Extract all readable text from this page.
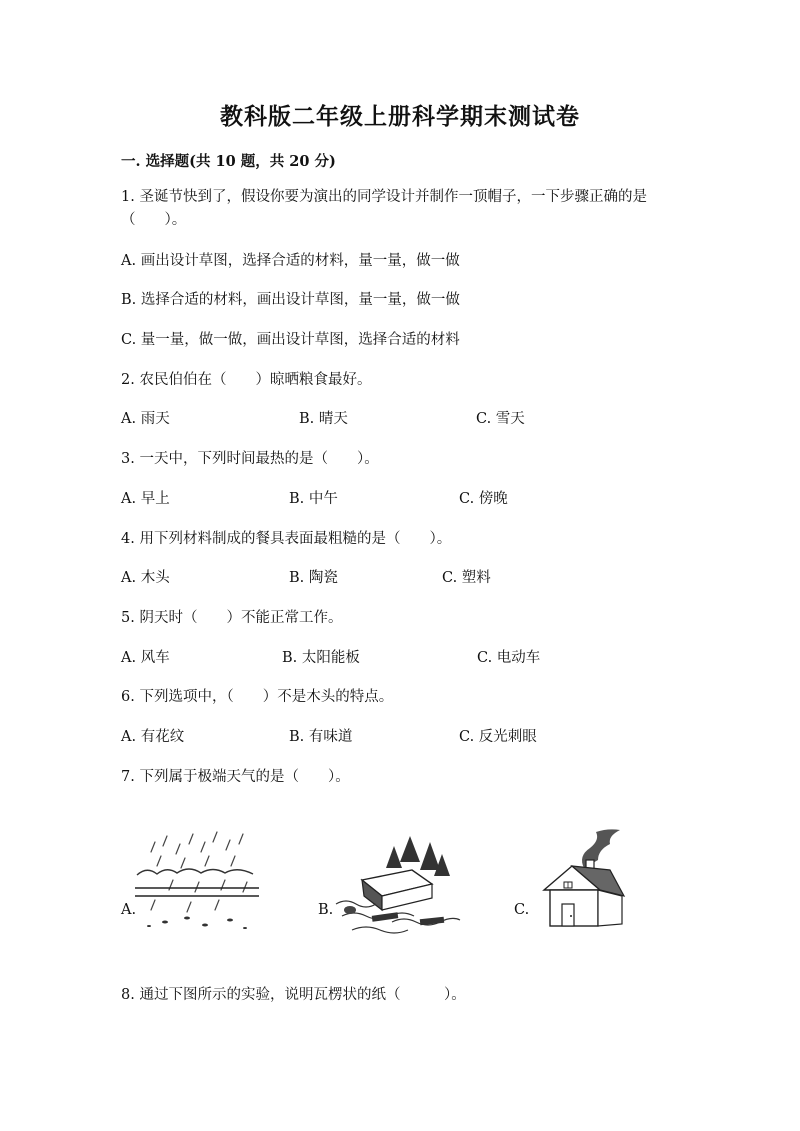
教科版二年级上册科学期末测试卷
一. 选择题(共 10 题，共 20 分)
1. 圣诞节快到了，假设你要为演出的同学设计并制作一顶帽子，一下步骤正确的是（　　）。
A. 画出设计草图，选择合适的材料，量一量，做一做
B. 选择合适的材料，画出设计草图，量一量，做一做
C. 量一量，做一做，画出设计草图，选择合适的材料
2. 农民伯伯在（　　）晾晒粮食最好。
A. 雨天	B. 晴天	C. 雪天
3. 一天中，下列时间最热的是（　　）。
A. 早上	B. 中午	C. 傍晚
4. 用下列材料制成的餐具表面最粗糙的是（　　）。
A. 木头	B. 陶瓷	C. 塑料
5. 阴天时（　　）不能正常工作。
A. 风车	B. 太阳能板	C. 电动车
6. 下列选项中，（　　）不是木头的特点。
A. 有花纹	B. 有味道	C. 反光刺眼
7. 下列属于极端天气的是（　　）。
A.	B.	C.
8. 通过下图所示的实验，说明瓦楞状的纸（　　　）。
